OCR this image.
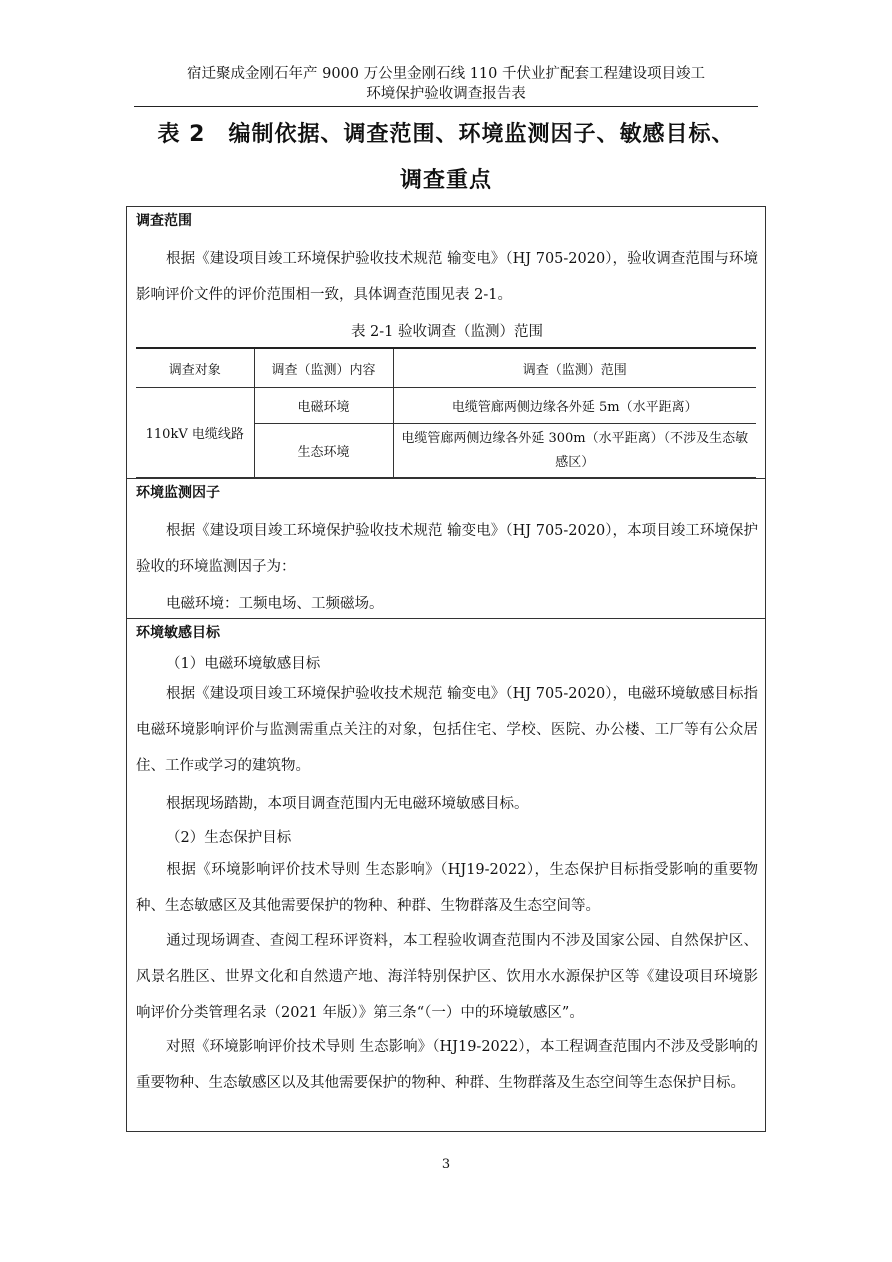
宿迁聚成金刚石年产 9000 万公里金刚石线 110 千伏业扩配套工程建设项目竣工
环境保护验收调查报告表
表 2　编制依据、调查范围、环境监测因子、敏感目标、
调查重点
调查范围
根据《建设项目竣工环境保护验收技术规范 输变电》（HJ 705-2020），验收调查范围与环境影响评价文件的评价范围相一致，具体调查范围见表 2-1。
表 2-1 验收调查（监测）范围
调查对象	调查（监测）内容	调查（监测）范围
110kV 电缆线路	电磁环境	电缆管廊两侧边缘各外延 5m（水平距离）
	生态环境	电缆管廊两侧边缘各外延 300m（水平距离）（不涉及生态敏感区）
环境监测因子
根据《建设项目竣工环境保护验收技术规范 输变电》（HJ 705-2020），本项目竣工环境保护验收的环境监测因子为：
电磁环境：工频电场、工频磁场。
环境敏感目标
（1）电磁环境敏感目标
根据《建设项目竣工环境保护验收技术规范 输变电》（HJ 705-2020），电磁环境敏感目标指电磁环境影响评价与监测需重点关注的对象，包括住宅、学校、医院、办公楼、工厂等有公众居住、工作或学习的建筑物。
根据现场踏勘，本项目调查范围内无电磁环境敏感目标。
（2）生态保护目标
根据《环境影响评价技术导则 生态影响》（HJ19-2022），生态保护目标指受影响的重要物种、生态敏感区及其他需要保护的物种、种群、生物群落及生态空间等。
通过现场调查、查阅工程环评资料，本工程验收调查范围内不涉及国家公园、自然保护区、风景名胜区、世界文化和自然遗产地、海洋特别保护区、饮用水水源保护区等《建设项目环境影响评价分类管理名录（2021 年版）》第三条“（一）中的环境敏感区”。
对照《环境影响评价技术导则 生态影响》（HJ19-2022），本工程调查范围内不涉及受影响的重要物种、生态敏感区以及其他需要保护的物种、种群、生物群落及生态空间等生态保护目标。
3
